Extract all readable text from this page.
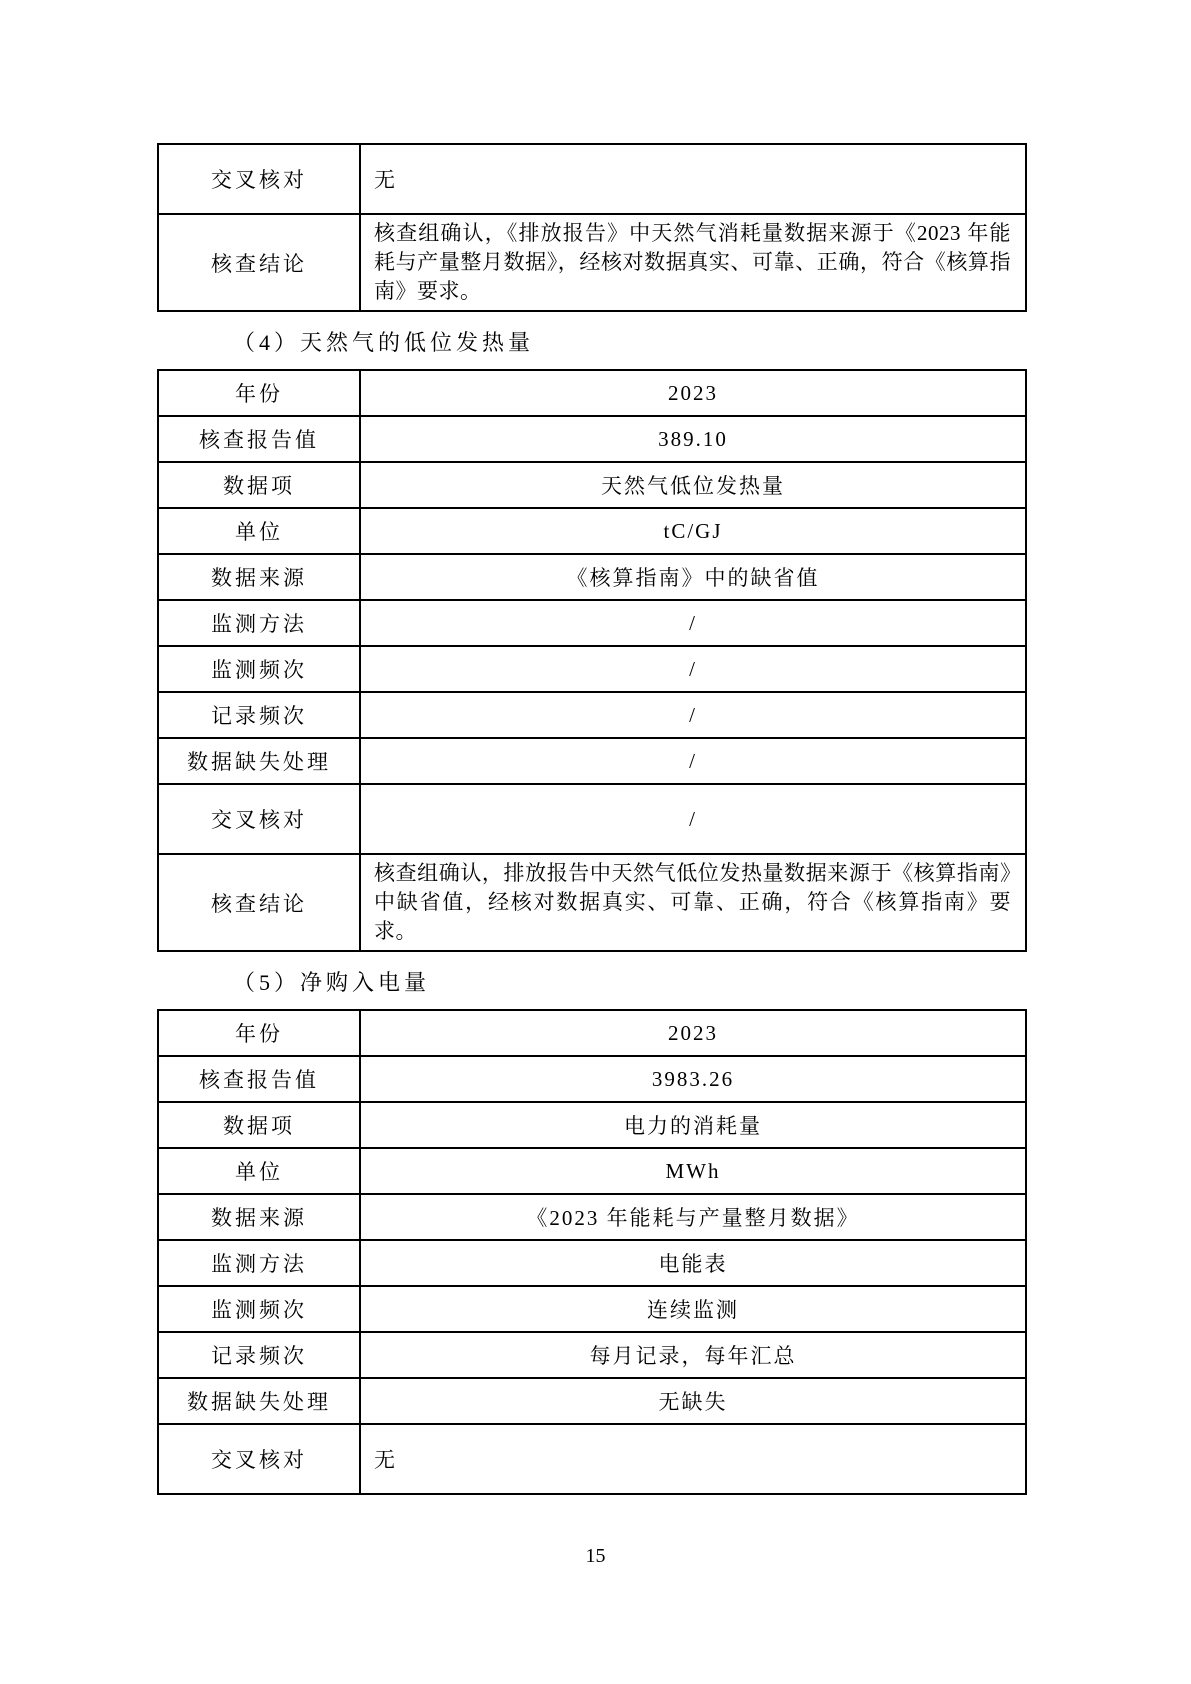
交叉核对	无
核查结论	核查组确认，《排放报告》中天然气消耗量数据来源于《2023 年能耗与产量整月数据》，经核对数据真实、可靠、正确，符合《核算指南》要求。
（4）天然气的低位发热量
年份	2023
核查报告值	389.10
数据项	天然气低位发热量
单位	tC/GJ
数据来源	《核算指南》中的缺省值
监测方法	/
监测频次	/
记录频次	/
数据缺失处理	/
交叉核对	/
核查结论	核查组确认，排放报告中天然气低位发热量数据来源于《核算指南》中缺省值，经核对数据真实、可靠、正确，符合《核算指南》要求。
（5）净购入电量
年份	2023
核查报告值	3983.26
数据项	电力的消耗量
单位	MWh
数据来源	《2023 年能耗与产量整月数据》
监测方法	电能表
监测频次	连续监测
记录频次	每月记录，每年汇总
数据缺失处理	无缺失
交叉核对	无
15
